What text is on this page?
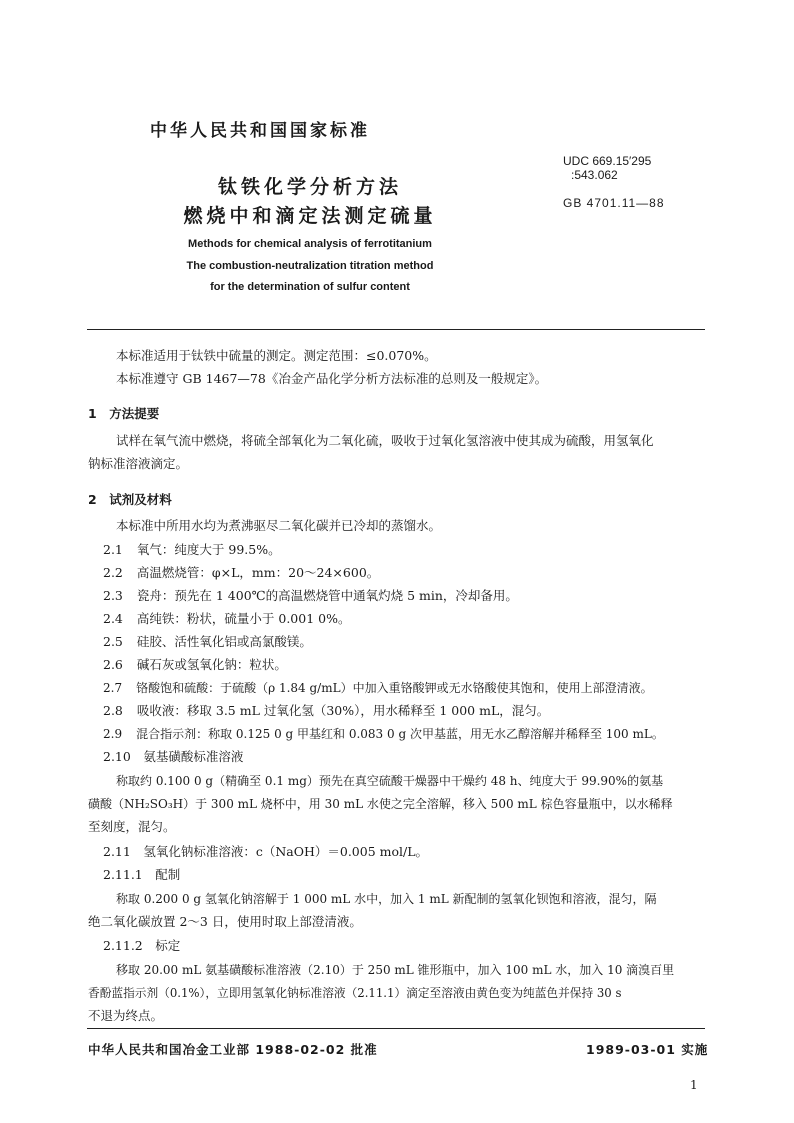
中华人民共和国国家标准
钛铁化学分析方法
燃烧中和滴定法测定硫量
UDC 669.15′295
:543.062
GB 4701.11—88
Methods for chemical analysis of ferrotitanium
The combustion-neutralization titration method
for the determination of sulfur content
本标准适用于钛铁中硫量的测定。测定范围：≤0.070%。
本标准遵守 GB 1467—78《冶金产品化学分析方法标准的总则及一般规定》。
1　方法提要
试样在氧气流中燃烧，将硫全部氧化为二氧化硫，吸收于过氧化氢溶液中使其成为硫酸，用氢氧化
钠标准溶液滴定。
2　试剂及材料
本标准中所用水均为煮沸驱尽二氧化碳并已冷却的蒸馏水。
2.1 氧气：纯度大于 99.5%。
2.2 高温燃烧管：φ×L，mm：20～24×600。
2.3 瓷舟：预先在 1 400℃的高温燃烧管中通氧灼烧 5 min，冷却备用。
2.4 高纯铁：粉状，硫量小于 0.001 0%。
2.5 硅胶、活性氧化铝或高氯酸镁。
2.6 碱石灰或氢氧化钠：粒状。
2.7 铬酸饱和硫酸：于硫酸（ρ 1.84 g/mL）中加入重铬酸钾或无水铬酸使其饱和，使用上部澄清液。
2.8 吸收液：移取 3.5 mL 过氧化氢（30%），用水稀释至 1 000 mL，混匀。
2.9 混合指示剂：称取 0.125 0 g 甲基红和 0.083 0 g 次甲基蓝，用无水乙醇溶解并稀释至 100 mL。
2.10　氨基磺酸标准溶液
称取约 0.100 0 g（精确至 0.1 mg）预先在真空硫酸干燥器中干燥约 48 h、纯度大于 99.90%的氨基
磺酸（NH₂SO₃H）于 300 mL 烧杯中，用 30 mL 水使之完全溶解，移入 500 mL 棕色容量瓶中，以水稀释
至刻度，混匀。
2.11　氢氧化钠标准溶液：c（NaOH）＝0.005 mol/L。
2.11.1　配制
称取 0.200 0 g 氢氧化钠溶解于 1 000 mL 水中，加入 1 mL 新配制的氢氧化钡饱和溶液，混匀，隔
绝二氧化碳放置 2～3 日，使用时取上部澄清液。
2.11.2　标定
移取 20.00 mL 氨基磺酸标准溶液（2.10）于 250 mL 锥形瓶中，加入 100 mL 水，加入 10 滴溴百里
香酚蓝指示剂（0.1%），立即用氢氧化钠标准溶液（2.11.1）滴定至溶液由黄色变为纯蓝色并保持 30 s
不退为终点。
中华人民共和国冶金工业部 1988-02-02 批准	1989-03-01 实施
1
